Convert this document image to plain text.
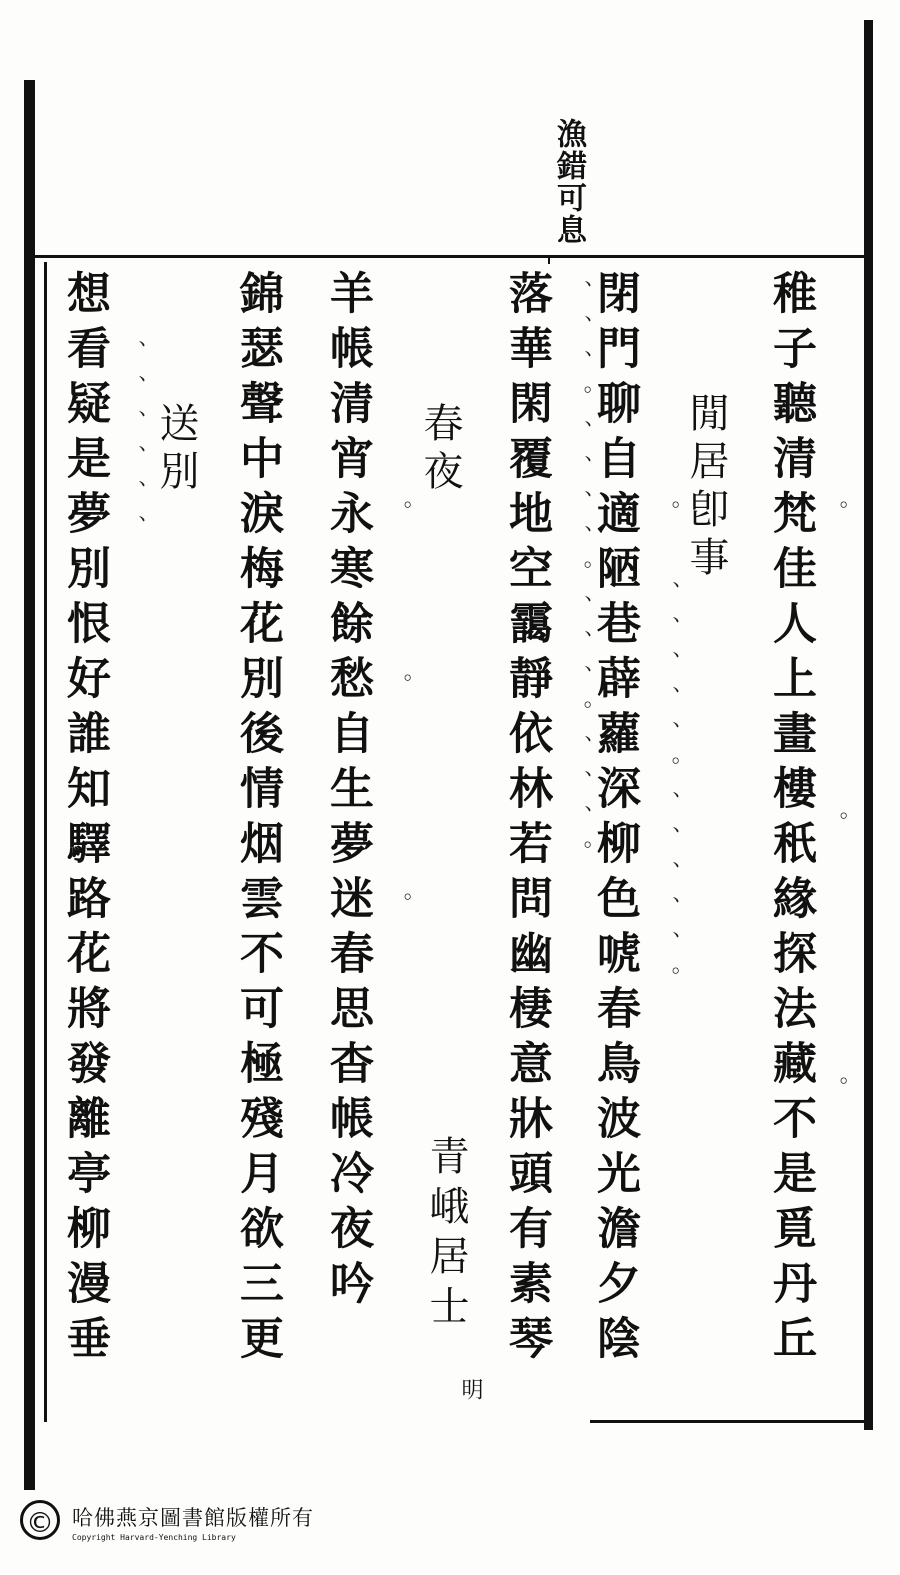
漁錯可息
稚子聽清梵佳人上畫樓秖緣探法藏不是覓丹丘
閒居卽事
閉門聊自適陋巷薜蘿深柳色唬春鳥波光澹夕陰
落華閑覆地空靄靜依林若問幽棲意牀頭有素琴
春夜
羊帳清宵永寒餘愁自生夢迷春思杳帳冷夜吟
錦瑟聲中淚梅花別後情烟雲不可極殘月欲三更
送別
想看疑是夢別恨好誰知驛路花將發離亭柳漫垂	青峨居士
明
。　　　　　　。　　　　　。
。　、、、、、。、、、、、。
、、、。、、、、。、、、。、、、。
。　　　。　　　　。
、、、、、、
© 哈佛燕京圖書館版權所有
Copyright Harvard-Yenching Library
